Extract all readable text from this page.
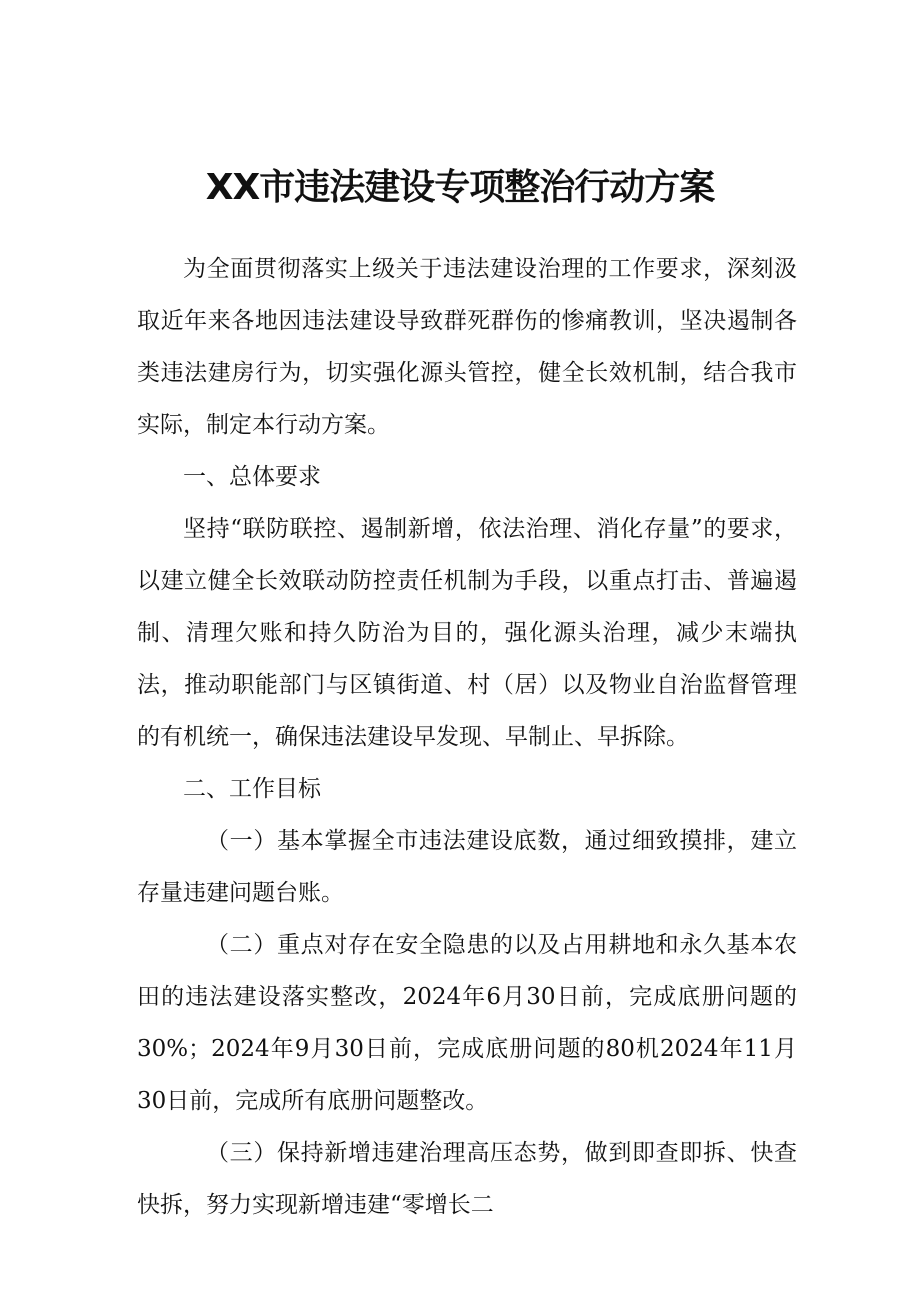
XX市违法建设专项整治行动方案

为全面贯彻落实上级关于违法建设治理的工作要求，深刻汲取近年来各地因违法建设导致群死群伤的惨痛教训，坚决遏制各类违法建房行为，切实强化源头管控，健全长效机制，结合我市实际，制定本行动方案。

一、总体要求

坚持“联防联控、遏制新增，依法治理、消化存量”的要求，以建立健全长效联动防控责任机制为手段，以重点打击、普遍遏制、清理欠账和持久防治为目的，强化源头治理，减少末端执法，推动职能部门与区镇街道、村（居）以及物业自治监督管理的有机统一，确保违法建设早发现、早制止、早拆除。

二、工作目标

（一）基本掌握全市违法建设底数，通过细致摸排，建立存量违建问题台账。

（二）重点对存在安全隐患的以及占用耕地和永久基本农田的违法建设落实整改，2024年6月30日前，完成底册问题的30%；2024年9月30日前，完成底册问题的80机2024年11月30日前，完成所有底册问题整改。

（三）保持新增违建治理高压态势，做到即查即拆、快查快拆，努力实现新增违建“零增长二
